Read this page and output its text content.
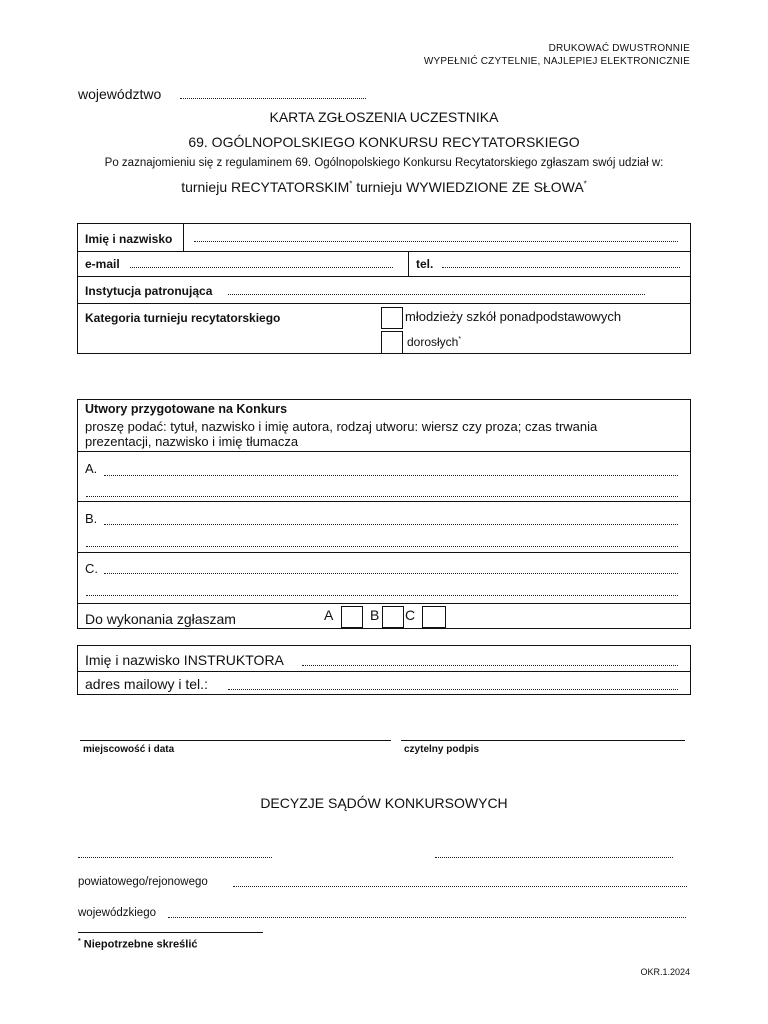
DRUKOWAĆ DWUSTRONNIE
WYPEŁNIĆ CZYTELNIE, NAJLEPIEJ ELEKTRONICZNIE
województwo
KARTA ZGŁOSZENIA UCZESTNIKA
69. OGÓLNOPOLSKIEGO KONKURSU RECYTATORSKIEGO
Po zaznajomieniu się z regulaminem 69. Ogólnopolskiego Konkursu Recytatorskiego zgłaszam swój udział w:
turnieju RECYTATORSKIM* turnieju WYWIEDZIONE ZE SŁOWA*
Imię i nazwisko
e-mail	tel.
Instytucja patronująca
Kategoria turnieju recytatorskiego	młodzieży szkół ponadpodstawowych
dorosłych*
Utwory przygotowane na Konkurs
proszę podać: tytuł, nazwisko i imię autora, rodzaj utworu: wiersz czy proza; czas trwania prezentacji, nazwisko i imię tłumacza
A.
B.
C.
Do wykonania zgłaszam	A	B C
Imię i nazwisko INSTRUKTORA
adres mailowy i tel.:
miejscowość i data	czytelny podpis
DECYZJE SĄDÓW KONKURSOWYCH
powiatowego/rejonowego
wojewódzkiego
* Niepotrzebne skreślić
OKR.1.2024
